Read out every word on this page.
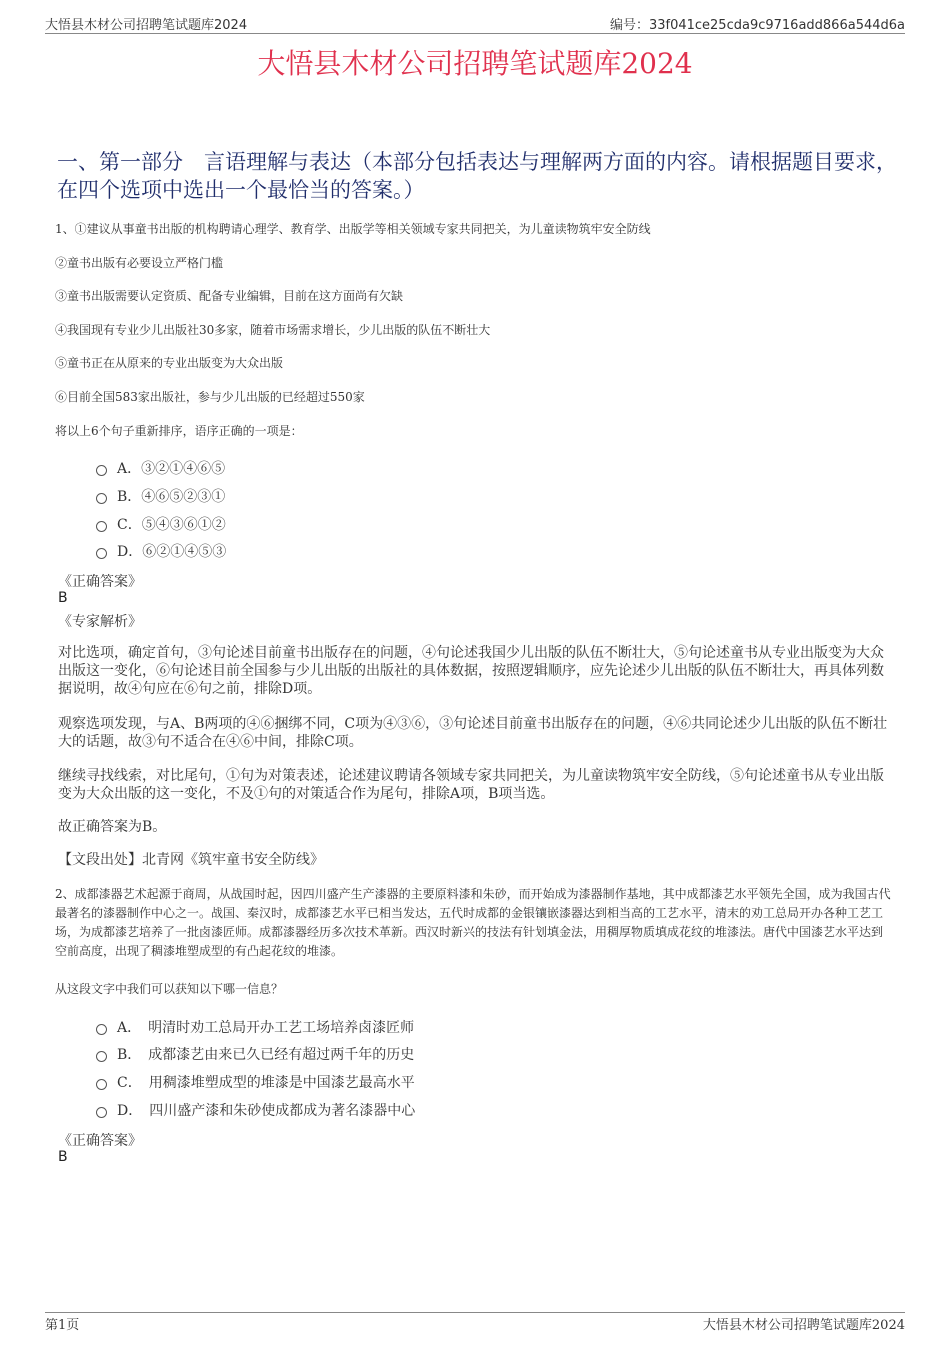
大悟县木材公司招聘笔试题库2024	编号：33f041ce25cda9c9716add866a544d6a
大悟县木材公司招聘笔试题库2024
一、第一部分　言语理解与表达（本部分包括表达与理解两方面的内容。请根据题目要求，在四个选项中选出一个最恰当的答案。）
1、①建议从事童书出版的机构聘请心理学、教育学、出版学等相关领域专家共同把关，为儿童读物筑牢安全防线
②童书出版有必要设立严格门槛
③童书出版需要认定资质、配备专业编辑，目前在这方面尚有欠缺
④我国现有专业少儿出版社30多家，随着市场需求增长，少儿出版的队伍不断壮大
⑤童书正在从原来的专业出版变为大众出版
⑥目前全国583家出版社，参与少儿出版的已经超过550家
将以上6个句子重新排序，语序正确的一项是：
A．③②①④⑥⑤
B．④⑥⑤②③①
C．⑤④③⑥①②
D．⑥②①④⑤③
《正确答案》
B
《专家解析》
对比选项，确定首句，③句论述目前童书出版存在的问题，④句论述我国少儿出版的队伍不断壮大，⑤句论述童书从专业出版变为大众出版这一变化，⑥句论述目前全国参与少儿出版的出版社的具体数据，按照逻辑顺序，应先论述少儿出版的队伍不断壮大，再具体列数据说明，故④句应在⑥句之前，排除D项。
观察选项发现，与A、B两项的④⑥捆绑不同，C项为④③⑥，③句论述目前童书出版存在的问题，④⑥共同论述少儿出版的队伍不断壮大的话题，故③句不适合在④⑥中间，排除C项。
继续寻找线索，对比尾句，①句为对策表述，论述建议聘请各领域专家共同把关，为儿童读物筑牢安全防线，⑤句论述童书从专业出版变为大众出版的这一变化，不及①句的对策适合作为尾句，排除A项，B项当选。
故正确答案为B。
【文段出处】北青网《筑牢童书安全防线》
2、成都漆器艺术起源于商周，从战国时起，因四川盛产生产漆器的主要原料漆和朱砂，而开始成为漆器制作基地，其中成都漆艺水平领先全国，成为我国古代最著名的漆器制作中心之一。战国、秦汉时，成都漆艺水平已相当发达，五代时成都的金银镶嵌漆器达到相当高的工艺水平，清末的劝工总局开办各种工艺工场，为成都漆艺培养了一批卤漆匠师。成都漆器经历多次技术革新。西汉时新兴的技法有针划填金法，用稠厚物质填成花纹的堆漆法。唐代中国漆艺水平达到空前高度，出现了稠漆堆塑成型的有凸起花纹的堆漆。
从这段文字中我们可以获知以下哪一信息？
A．　明清时劝工总局开办工艺工场培养卤漆匠师
B．　成都漆艺由来已久已经有超过两千年的历史
C．　用稠漆堆塑成型的堆漆是中国漆艺最高水平
D．　四川盛产漆和朱砂使成都成为著名漆器中心
《正确答案》
B
第1页	大悟县木材公司招聘笔试题库2024
